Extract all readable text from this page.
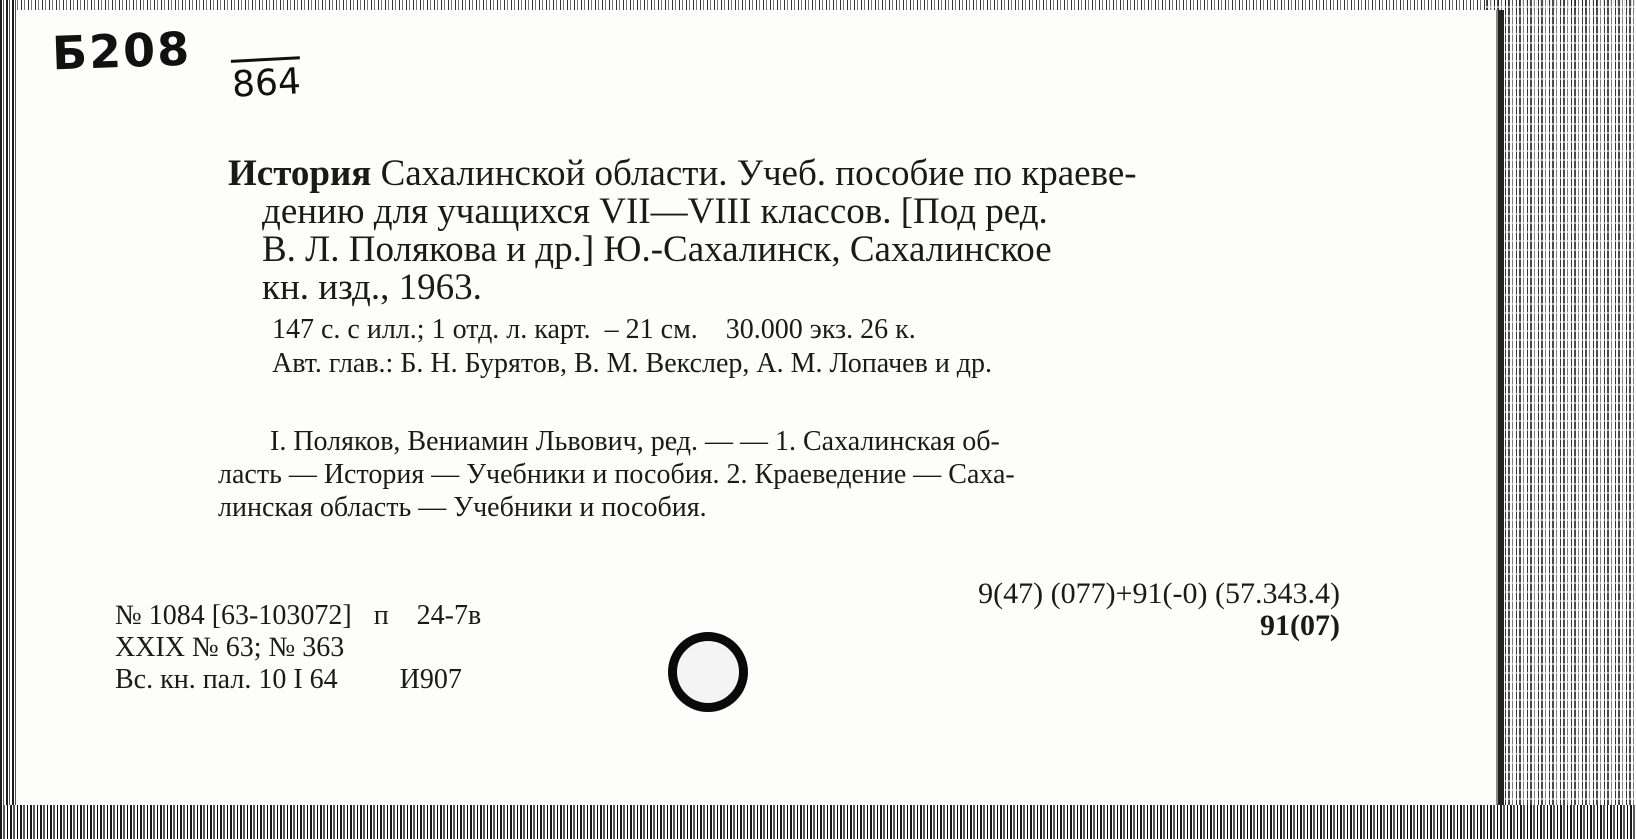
Б208
864
История Сахалинской области. Учеб. пособие по краеве-
дению для учащихся VII—VIII классов. [Под ред.
В. Л. Полякова и др.] Ю.-Сахалинск, Сахалинское
кн. изд., 1963.
147 с. с илл.; 1 отд. л. карт.  – 21 см.    30.000 экз. 26 к.
Авт. глав.: Б. Н. Бурятов, В. М. Векслер, А. М. Лопачев и др.
I. Поляков, Вениамин Львович, ред. — — 1. Сахалинская об-
ласть — История — Учебники и пособия. 2. Краеведение — Саха-
линская область — Учебники и пособия.
9(47) (077)+91(-0) (57.343.4)
91(07)
№ 1084 [63-103072] п 24-7в
XXIX № 63; № 363
Вс. кн. пал. 10 I 64 И907
